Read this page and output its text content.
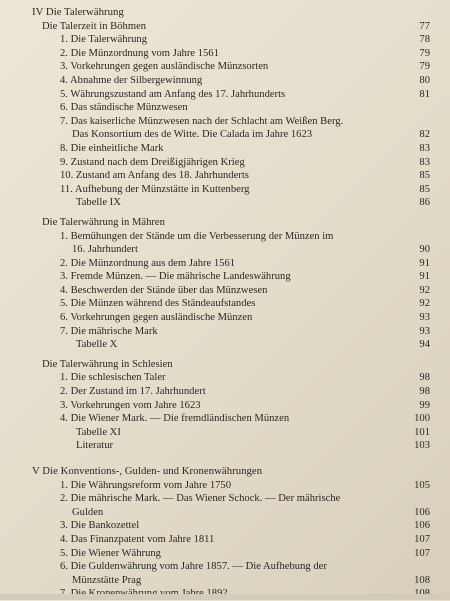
IV Die Talerwährung
Die Talerzeit in Böhmen	77
1. Die Talerwährung	78
2. Die Münzordnung vom Jahre 1561	79
3. Vorkehrungen gegen ausländische Münzsorten	79
4. Abnahme der Silbergewinnung	80
5. Währungszustand am Anfang des 17. Jahrhunderts	81
6. Das ständische Münzwesen
7. Das kaiserliche Münzwesen nach der Schlacht am Weißen Berg.
Das Konsortium des de Witte. Die Calada im Jahre 1623	82
8. Die einheitliche Mark	83
9. Zustand nach dem Dreißigjährigen Krieg	83
10. Zustand am Anfang des 18. Jahrhunderts	85
11. Aufhebung der Münzstätte in Kuttenberg	85
Tabelle IX	86
Die Talerwährung in Mähren
1. Bemühungen der Stände um die Verbesserung der Münzen im
16. Jahrhundert	90
2. Die Münzordnung aus dem Jahre 1561	91
3. Fremde Münzen. — Die mährische Landeswährung	91
4. Beschwerden der Stände über das Münzwesen	92
5. Die Münzen während des Ständeaufstandes	92
6. Vorkehrungen gegen ausländische Münzen	93
7. Die mährische Mark	93
Tabelle X	94
Die Talerwährung in Schlesien
1. Die schlesischen Taler	98
2. Der Zustand im 17. Jahrhundert	98
3. Vorkehrungen vom Jahre 1623	99
4. Die Wiener Mark. — Die fremdländischen Münzen	100
Tabelle XI	101
Literatur	103
V Die Konventions-, Gulden- und Kronenwährungen
1. Die Währungsreform vom Jahre 1750	105
2. Die mährische Mark. — Das Wiener Schock. — Der mährische
Gulden	106
3. Die Bankozettel	106
4. Das Finanzpatent vom Jahre 1811	107
5. Die Wiener Währung	107
6. Die Guldenwährung vom Jahre 1857. — Die Aufhebung der
Münzstätte Prag	108
